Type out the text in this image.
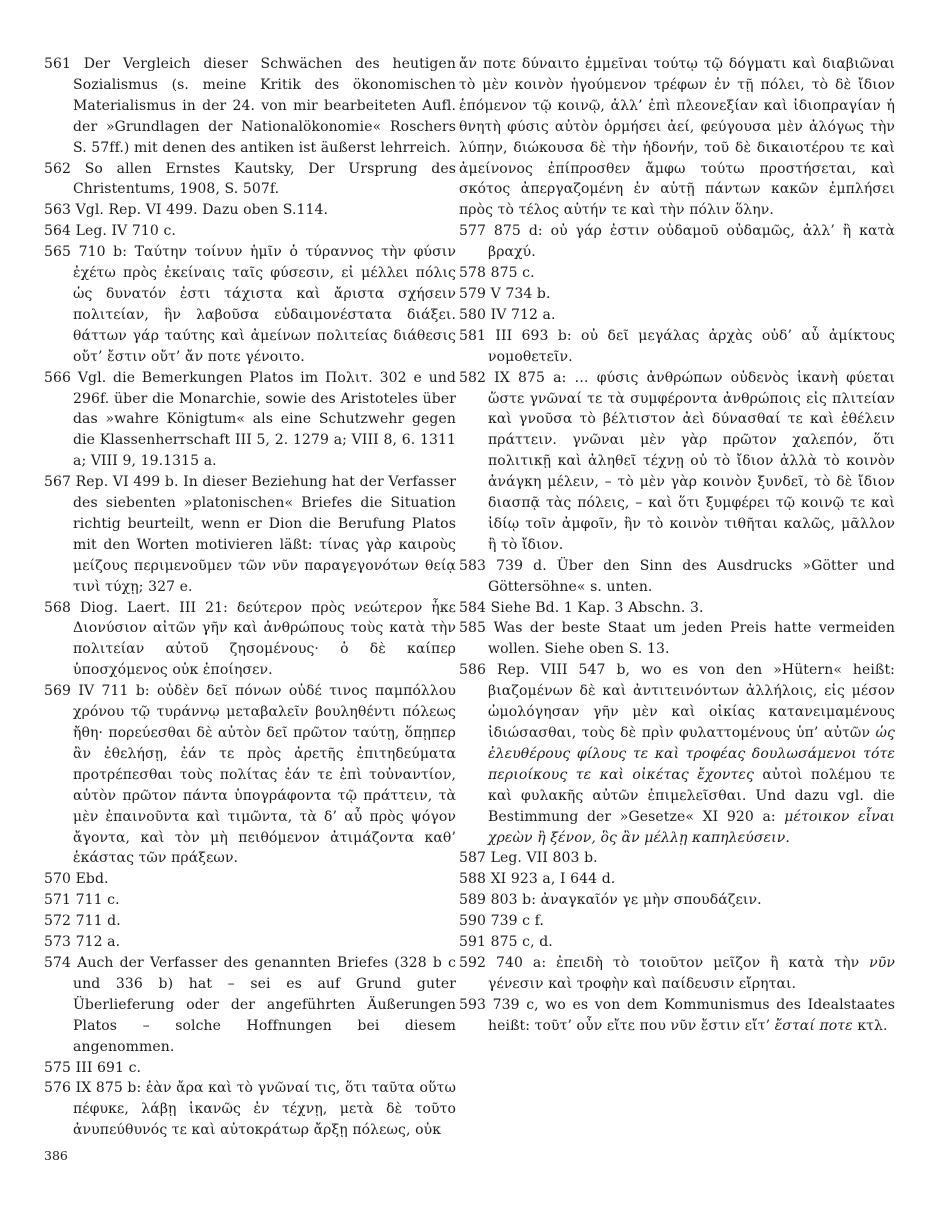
561 Der Vergleich dieser Schwächen des heutigen Sozialismus (s. meine Kritik des ökonomischen Materialismus in der 24. von mir bearbeiteten Aufl. der »Grundlagen der Nationalökonomie« Roschers S. 57ff.) mit denen des antiken ist äußerst lehrreich.

562 So allen Ernstes Kautsky, Der Ursprung des Christentums, 1908, S. 507f.

563 Vgl. Rep. VI 499. Dazu oben S.114.

564 Leg. IV 710 c.

565 710 b: Ταύτην τοίνυν ἡμῖν ὁ τύραννος τὴν φύσιν ἐχέτω πρὸς ἐκείναις ταῖς φύσεσιν, εἰ μέλλει πόλις ὡς δυνατόν ἐστι τάχιστα καὶ ἄριστα σχήσειν πολιτείαν, ἣν λαβοῦσα εὐδαιμονέστατα διάξει. θάττων γάρ ταύτης καὶ ἀμείνων πολιτείας διάθεσις οὔτ’ ἔστιν οὔτ’ ἄν ποτε γένοιτο.

566 Vgl. die Bemerkungen Platos im Πολιτ. 302 e und 296f. über die Monarchie, sowie des Aristoteles über das »wahre Königtum« als eine Schutzwehr gegen die Klassenherrschaft III 5, 2. 1279 a; VIII 8, 6. 1311 a; VIII 9, 19.1315 a.

567 Rep. VI 499 b. In dieser Beziehung hat der Verfasser des siebenten »platonischen« Briefes die Situation richtig beurteilt, wenn er Dion die Berufung Platos mit den Worten motivieren läßt: τίνας γὰρ καιροὺς μείζους περιμενοῦμεν τῶν νῦν παραγεγονότων θείᾳ τινὶ τύχῃ; 327 e.

568 Diog. Laert. III 21: δεύτερον πρὸς νεώτερον ἧκε Διονύσιον αἰτῶν γῆν καὶ ἀνθρώπους τοὺς κατὰ τὴν πολιτείαν αὐτοῦ ζησομένους· ὁ δὲ καίπερ ὑποσχόμενος οὐκ ἐποίησεν.

569 IV 711 b: οὐδὲν δεῖ πόνων οὐδέ τινος παμπόλλου χρόνου τῷ τυράννῳ μεταβαλεῖν βουληθέντι πόλεως ἤθη· πορεύεσθαι δὲ αὐτὸν δεῖ πρῶτον ταύτῃ, ὅπῃπερ ἂν ἐθελήσῃ, ἐάν τε πρὸς ἀρετῆς ἐπιτηδεύματα προτρέπεσθαι τοὺς πολίτας ἐάν τε ἐπὶ τοὐναντίον, αὐτὸν πρῶτον πάντα ὑπογράφοντα τῷ πράττειν, τὰ μὲν ἐπαινοῦντα καὶ τιμῶντα, τὰ δ’ αὖ πρὸς ψόγον ἄγοντα, καὶ τὸν μὴ πειθόμενον ἀτιμάζοντα καθ’ ἑκάστας τῶν πράξεων.

570 Ebd.

571 711 c.

572 711 d.

573 712 a.

574 Auch der Verfasser des genannten Briefes (328 b c und 336 b) hat – sei es auf Grund guter Überlieferung oder der angeführten Äußerungen Platos – solche Hoffnungen bei diesem angenommen.

575 III 691 c.

576 IX 875 b: ἐὰν ἄρα καὶ τὸ γνῶναί τις, ὅτι ταῦτα οὕτω πέφυκε, λάβῃ ἱκανῶς ἐν τέχνῃ, μετὰ δὲ τοῦτο ἀνυπεύθυνός τε καὶ αὐτοκράτωρ ἄρξῃ πόλεως, οὐκ

ἄν ποτε δύναιτο ἐμμεῖναι τούτῳ τῷ δόγματι καὶ διαβιῶναι τὸ μὲν κοινὸν ἡγούμενον τρέφων ἐν τῇ πόλει, τὸ δὲ ἴδιον ἑπόμενον τῷ κοινῷ, ἀλλ’ ἐπὶ πλεονεξίαν καὶ ἰδιοπραγίαν ἡ θνητὴ φύσις αὐτὸν ὁρμήσει ἀεί, φεύγουσα μὲν ἀλόγως τὴν λύπην, διώκουσα δὲ τὴν ἡδονήν, τοῦ δὲ δικαιοτέρου τε καὶ ἀμείνονος ἐπίπροσθεν ἄμφω τούτω προστήσεται, καὶ σκότος ἀπεργαζομένη ἐν αὑτῇ πάντων κακῶν ἐμπλήσει πρὸς τὸ τέλος αὑτήν τε καὶ τὴν πόλιν ὅλην.

577 875 d: οὐ γάρ ἐστιν οὐδαμοῦ οὐδαμῶς, ἀλλ’ ἢ κατὰ βραχύ.

578 875 c.

579 V 734 b.

580 IV 712 a.

581 III 693 b: οὐ δεῖ μεγάλας ἀρχὰς οὐδ’ αὖ ἀμίκτους νομοθετεῖν.

582 IX 875 a: … φύσις ἀνθρώπων οὐδενὸς ἱκανὴ φύεται ὥστε γνῶναί τε τὰ συμφέροντα ἀνθρώποις εἰς πλιτείαν καὶ γνοῦσα τὸ βέλτιστον ἀεὶ δύνασθαί τε καὶ ἐθέλειν πράττειν. γνῶναι μὲν γὰρ πρῶτον χαλεπόν, ὅτι πολιτικῇ καὶ ἀληθεῖ τέχνῃ οὐ τὸ ἴδιον ἀλλὰ τὸ κοινὸν ἀνάγκη μέλειν, – τὸ μὲν γὰρ κοινὸν ξυνδεῖ, τὸ δὲ ἴδιον διασπᾷ τὰς πόλεις, – καὶ ὅτι ξυμφέρει τῷ κοινῷ τε καὶ ἰδίῳ τοῖν ἀμφοῖν, ἢν τὸ κοινὸν τιθῆται καλῶς, μᾶλλον ἢ τὸ ἴδιον.

583 739 d. Über den Sinn des Ausdrucks »Götter und Göttersöhne« s. unten.

584 Siehe Bd. 1 Kap. 3 Abschn. 3.

585 Was der beste Staat um jeden Preis hatte vermeiden wollen. Siehe oben S. 13.

586 Rep. VIII 547 b, wo es von den »Hütern« heißt: βιαζομένων δὲ καὶ ἀντιτεινόντων ἀλλήλοις, εἰς μέσον ὡμολόγησαν γῆν μὲν καὶ οἰκίας κατανειμαμένους ἰδιώσασθαι, τοὺς δὲ πρὶν φυλαττομένους ὑπ’ αὐτῶν ὡς ἐλευθέρους φίλους τε καὶ τροφέας δουλωσάμενοι τότε περιοίκους τε καὶ οἰκέτας ἔχοντες αὐτοὶ πολέμου τε καὶ φυλακῆς αὐτῶν ἐπιμελεῖσθαι. Und dazu vgl. die Bestimmung der »Gesetze« XI 920 a: μέτοικον εἶναι χρεὼν ἢ ξένον, ὃς ἂν μέλλῃ καπηλεύσειν.

587 Leg. VII 803 b.

588 XI 923 a, I 644 d.

589 803 b: ἀναγκαῖόν γε μὴν σπουδάζειν.

590 739 c f.

591 875 c, d.

592 740 a: ἐπειδὴ τὸ τοιοῦτον μεῖζον ἢ κατὰ τὴν νῦν γένεσιν καὶ τροφὴν καὶ παίδευσιν εἴρηται.

593 739 c, wo es von dem Kommunismus des Idealstaates heißt: τοῦτ’ οὖν εἴτε που νῦν ἔστιν εἴτ’ ἔσταί ποτε κτλ.

386
